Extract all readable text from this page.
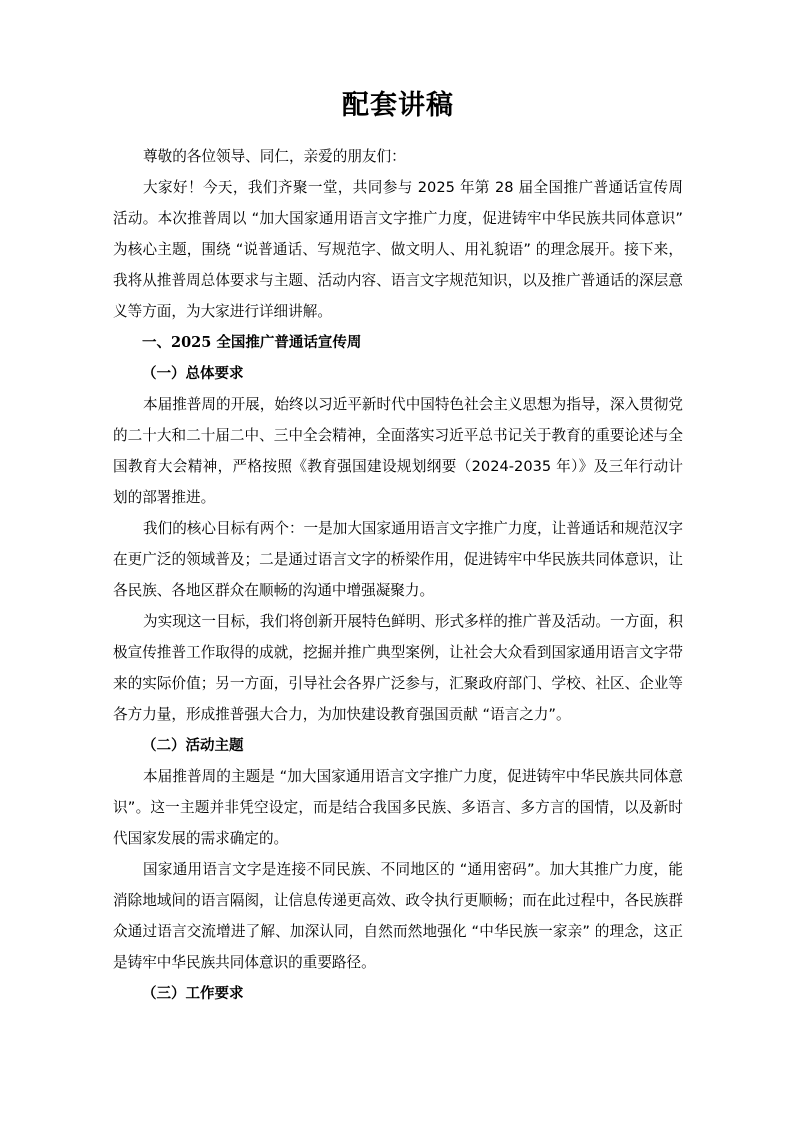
配套讲稿

尊敬的各位领导、同仁，亲爱的朋友们：

大家好！今天，我们齐聚一堂，共同参与 2025 年第 28 届全国推广普通话宣传周活动。本次推普周以 “加大国家通用语言文字推广力度，促进铸牢中华民族共同体意识” 为核心主题，围绕 “说普通话、写规范字、做文明人、用礼貌语” 的理念展开。接下来，我将从推普周总体要求与主题、活动内容、语言文字规范知识，以及推广普通话的深层意义等方面，为大家进行详细讲解。

一、2025 全国推广普通话宣传周
（一）总体要求

本届推普周的开展，始终以习近平新时代中国特色社会主义思想为指导，深入贯彻党的二十大和二十届二中、三中全会精神，全面落实习近平总书记关于教育的重要论述与全国教育大会精神，严格按照《教育强国建设规划纲要（2024-2035 年）》及三年行动计划的部署推进。

我们的核心目标有两个：一是加大国家通用语言文字推广力度，让普通话和规范汉字在更广泛的领域普及；二是通过语言文字的桥梁作用，促进铸牢中华民族共同体意识，让各民族、各地区群众在顺畅的沟通中增强凝聚力。

为实现这一目标，我们将创新开展特色鲜明、形式多样的推广普及活动。一方面，积极宣传推普工作取得的成就，挖掘并推广典型案例，让社会大众看到国家通用语言文字带来的实际价值；另一方面，引导社会各界广泛参与，汇聚政府部门、学校、社区、企业等各方力量，形成推普强大合力，为加快建设教育强国贡献 “语言之力”。

（二）活动主题

本届推普周的主题是 “加大国家通用语言文字推广力度，促进铸牢中华民族共同体意识”。这一主题并非凭空设定，而是结合我国多民族、多语言、多方言的国情，以及新时代国家发展的需求确定的。

国家通用语言文字是连接不同民族、不同地区的 “通用密码”。加大其推广力度，能消除地域间的语言隔阂，让信息传递更高效、政令执行更顺畅；而在此过程中，各民族群众通过语言交流增进了解、加深认同，自然而然地强化 “中华民族一家亲” 的理念，这正是铸牢中华民族共同体意识的重要路径。

（三）工作要求
